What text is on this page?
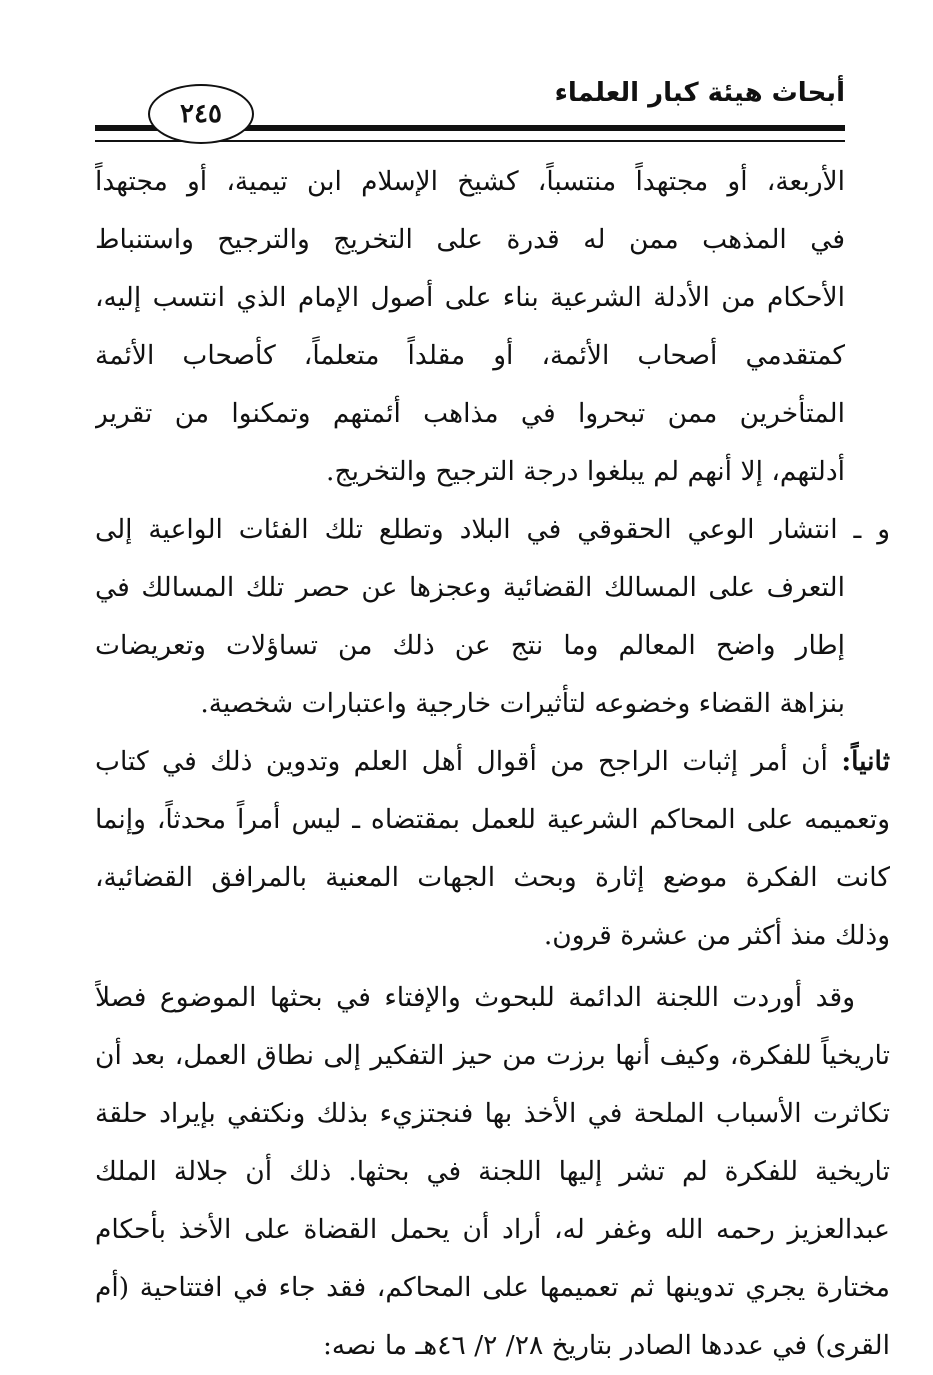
أبحاث هيئة كبار العلماء
٢٤٥
الأربعة، أو مجتهداً منتسباً، كشيخ الإسلام ابن تيمية، أو مجتهداً
في المذهب ممن له قدرة على التخريج والترجيح واستنباط
الأحكام من الأدلة الشرعية بناء على أصول الإمام الذي انتسب إليه،
كمتقدمي أصحاب الأئمة، أو مقلداً متعلماً، كأصحاب الأئمة
المتأخرين ممن تبحروا في مذاهب أئمتهم وتمكنوا من تقرير
أدلتهم، إلا أنهم لم يبلغوا درجة الترجيح والتخريج.
و ـ انتشار الوعي الحقوقي في البلاد وتطلع تلك الفئات الواعية إلى
التعرف على المسالك القضائية وعجزها عن حصر تلك المسالك في
إطار واضح المعالم وما نتج عن ذلك من تساؤلات وتعريضات
بنزاهة القضاء وخضوعه لتأثيرات خارجية واعتبارات شخصية.
ثانياً: أن أمر إثبات الراجح من أقوال أهل العلم وتدوين ذلك في كتاب
وتعميمه على المحاكم الشرعية للعمل بمقتضاه ـ ليس أمراً محدثاً، وإنما
كانت الفكرة موضع إثارة وبحث الجهات المعنية بالمرافق القضائية،
وذلك منذ أكثر من عشرة قرون.
وقد أوردت اللجنة الدائمة للبحوث والإفتاء في بحثها الموضوع فصلاً
تاريخياً للفكرة، وكيف أنها برزت من حيز التفكير إلى نطاق العمل، بعد أن
تكاثرت الأسباب الملحة في الأخذ بها فنجتزيء بذلك ونكتفي بإيراد حلقة
تاريخية للفكرة لم تشر إليها اللجنة في بحثها. ذلك أن جلالة الملك
عبدالعزيز رحمه الله وغفر له، أراد أن يحمل القضاة على الأخذ بأحكام
مختارة يجري تدوينها ثم تعميمها على المحاكم، فقد جاء في افتتاحية (أم
القرى) في عددها الصادر بتاريخ ٢٨/ ٢/ ٤٦هـ ما نصه:
